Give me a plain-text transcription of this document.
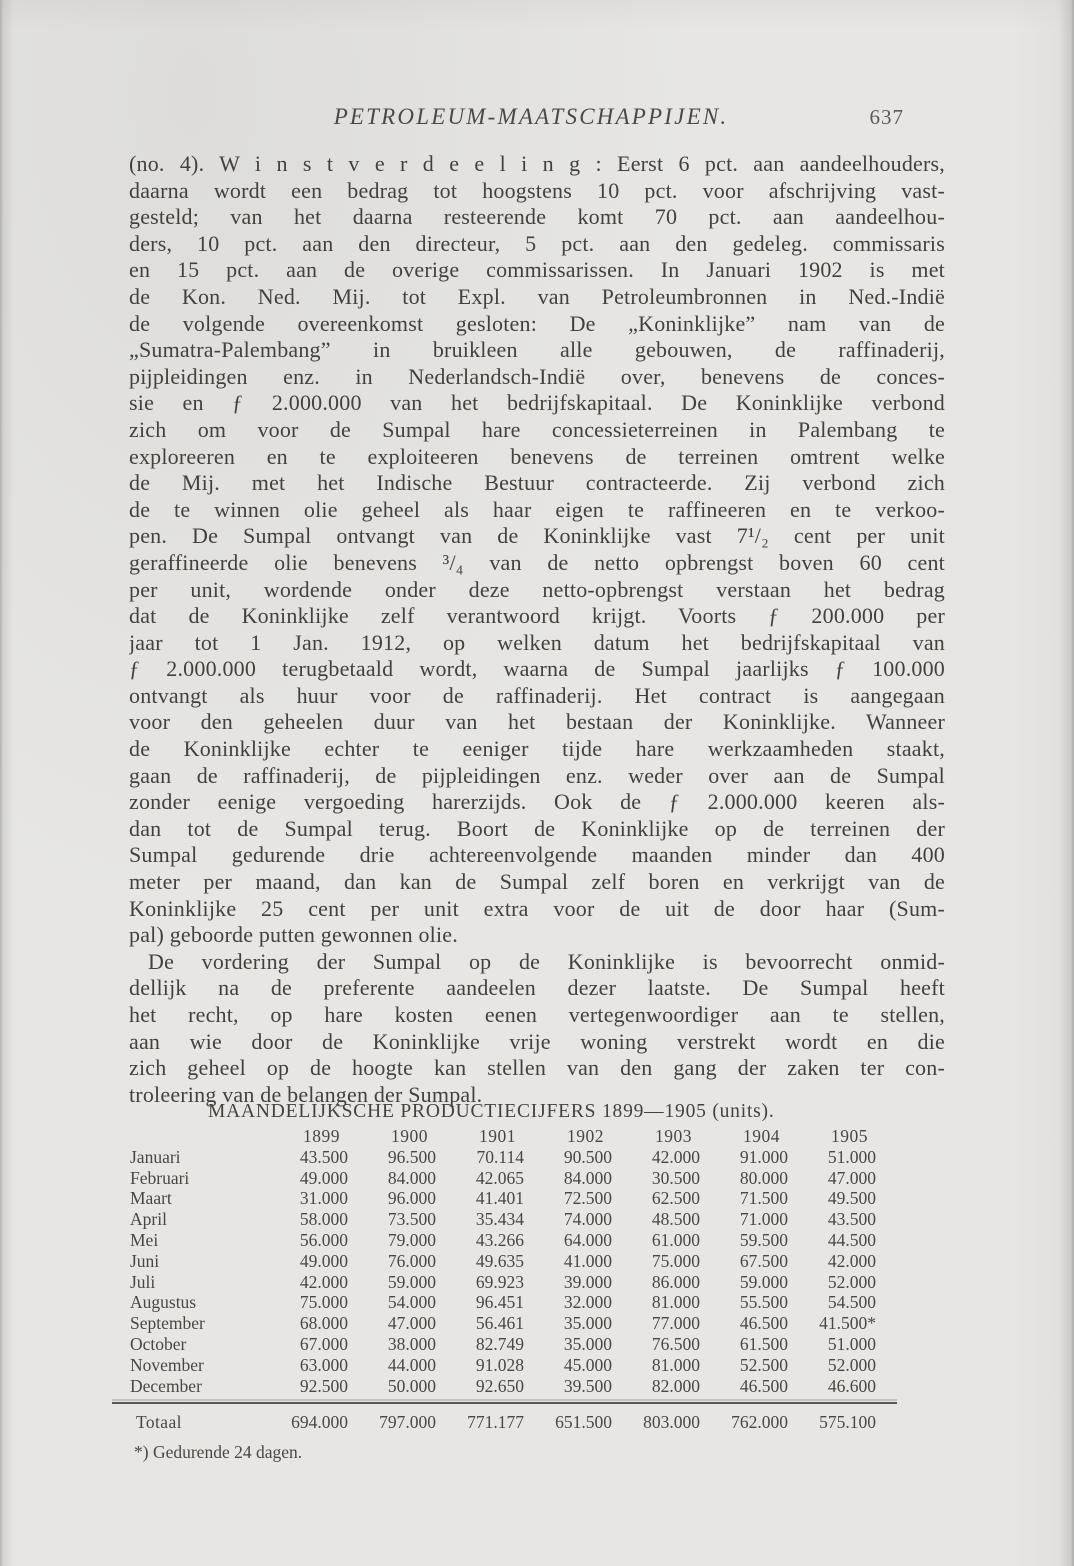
PETROLEUM-MAATSCHAPPIJEN.	637
(no. 4). W i n s t v e r d e e l i n g : Eerst 6 pct. aan aandeelhouders,
daarna wordt een bedrag tot hoogstens 10 pct. voor afschrijving vast-
gesteld; van het daarna resteerende komt 70 pct. aan aandeelhou-
ders, 10 pct. aan den directeur, 5 pct. aan den gedeleg. commissaris
en 15 pct. aan de overige commissarissen. In Januari 1902 is met
de Kon. Ned. Mij. tot Expl. van Petroleumbronnen in Ned.-Indië
de volgende overeenkomst gesloten: De „Koninklijke” nam van de
„Sumatra-Palembang” in bruikleen alle gebouwen, de raffinaderij,
pijpleidingen enz. in Nederlandsch-Indië over, benevens de conces-
sie en ƒ 2.000.000 van het bedrijfskapitaal. De Koninklijke verbond
zich om voor de Sumpal hare concessieterreinen in Palembang te
exploreeren en te exploiteeren benevens de terreinen omtrent welke
de Mij. met het Indische Bestuur contracteerde. Zij verbond zich
de te winnen olie geheel als haar eigen te raffineeren en te verkoo-
pen. De Sumpal ontvangt van de Koninklijke vast 7¹/₂ cent per unit
geraffineerde olie benevens ³/₄ van de netto opbrengst boven 60 cent
per unit, wordende onder deze netto-opbrengst verstaan het bedrag
dat de Koninklijke zelf verantwoord krijgt. Voorts ƒ 200.000 per
jaar tot 1 Jan. 1912, op welken datum het bedrijfskapitaal van
ƒ 2.000.000 terugbetaald wordt, waarna de Sumpal jaarlijks ƒ 100.000
ontvangt als huur voor de raffinaderij. Het contract is aangegaan
voor den geheelen duur van het bestaan der Koninklijke. Wanneer
de Koninklijke echter te eeniger tijde hare werkzaamheden staakt,
gaan de raffinaderij, de pijpleidingen enz. weder over aan de Sumpal
zonder eenige vergoeding harerzijds. Ook de ƒ 2.000.000 keeren als-
dan tot de Sumpal terug. Boort de Koninklijke op de terreinen der
Sumpal gedurende drie achtereenvolgende maanden minder dan 400
meter per maand, dan kan de Sumpal zelf boren en verkrijgt van de
Koninklijke 25 cent per unit extra voor de uit de door haar (Sum-
pal) geboorde putten gewonnen olie.
De vordering der Sumpal op de Koninklijke is bevoorrecht onmid-
dellijk na de preferente aandeelen dezer laatste. De Sumpal heeft
het recht, op hare kosten eenen vertegenwoordiger aan te stellen,
aan wie door de Koninklijke vrije woning verstrekt wordt en die
zich geheel op de hoogte kan stellen van den gang der zaken ter con-
troleering van de belangen der Sumpal.
MAANDELIJKSCHE PRODUCTIECIJFERS 1899—1905 (units).
1899	1900	1901	1902	1903	1904	1905
Januari	43.500	96.500	70.114	90.500	42.000	91.000	51.000
Februari	49.000	84.000	42.065	84.000	30.500	80.000	47.000
Maart	31.000	96.000	41.401	72.500	62.500	71.500	49.500
April	58.000	73.500	35.434	74.000	48.500	71.000	43.500
Mei	56.000	79.000	43.266	64.000	61.000	59.500	44.500
Juni	49.000	76.000	49.635	41.000	75.000	67.500	42.000
Juli	42.000	59.000	69.923	39.000	86.000	59.000	52.000
Augustus	75.000	54.000	96.451	32.000	81.000	55.500	54.500
September	68.000	47.000	56.461	35.000	77.000	46.500	41.500*
October	67.000	38.000	82.749	35.000	76.500	61.500	51.000
November	63.000	44.000	91.028	45.000	81.000	52.500	52.000
December	92.500	50.000	92.650	39.500	82.000	46.500	46.600
Totaal	694.000	797.000	771.177	651.500	803.000	762.000	575.100
*) Gedurende 24 dagen.
